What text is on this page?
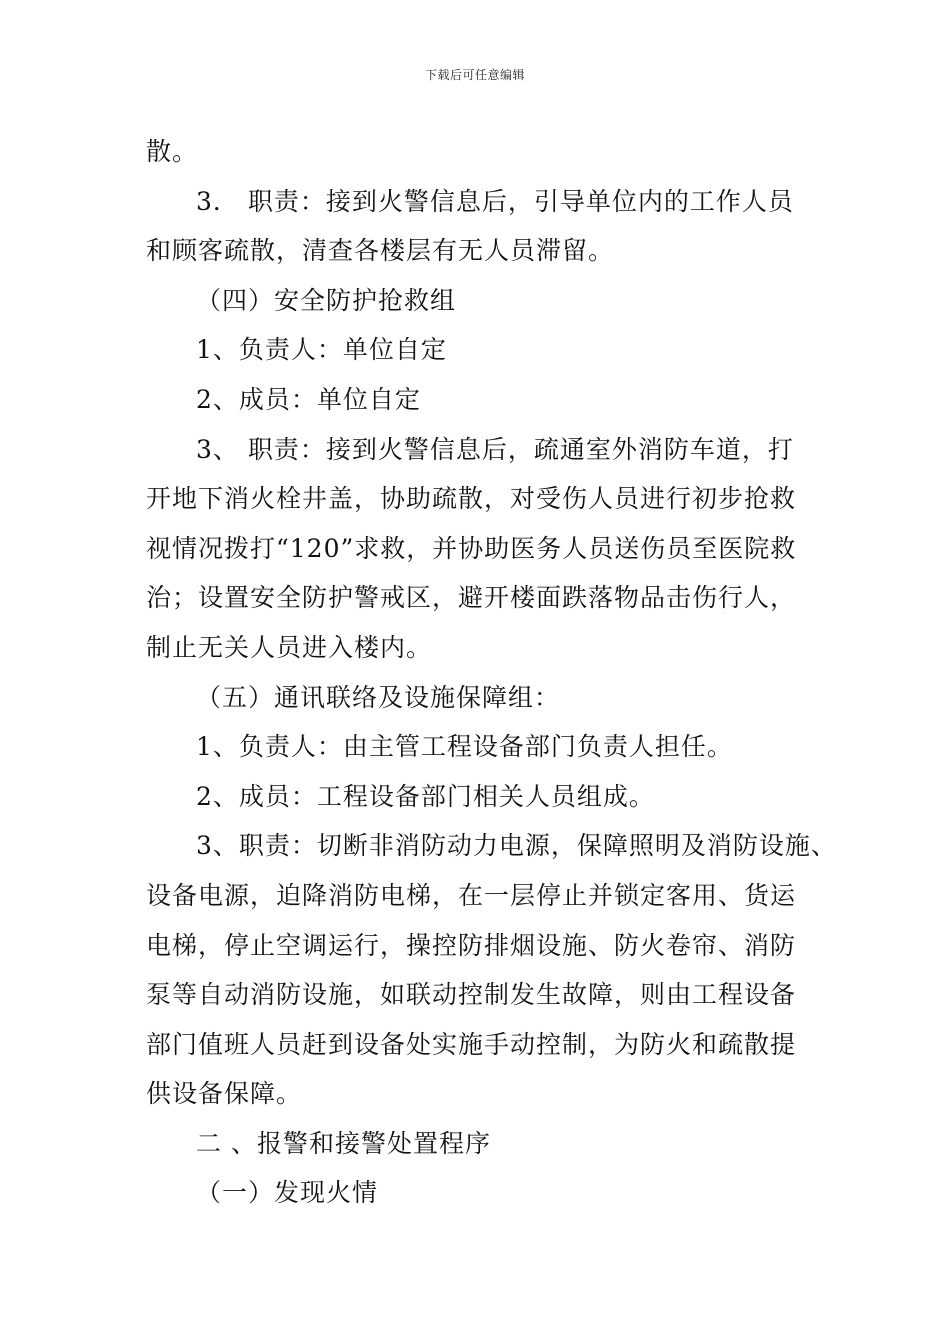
下载后可任意编辑
散。
3． 职责：接到火警信息后，引导单位内的工作人员
和顾客疏散，清查各楼层有无人员滞留。
（四）安全防护抢救组
1、负责人：单位自定
2、成员：单位自定
3、 职责：接到火警信息后，疏通室外消防车道，打
开地下消火栓井盖，协助疏散，对受伤人员进行初步抢救
视情况拨打“120”求救，并协助医务人员送伤员至医院救
治；设置安全防护警戒区，避开楼面跌落物品击伤行人，
制止无关人员进入楼内。
（五）通讯联络及设施保障组：
1、负责人：由主管工程设备部门负责人担任。
2、成员：工程设备部门相关人员组成。
3、职责：切断非消防动力电源，保障照明及消防设施、
设备电源，迫降消防电梯，在一层停止并锁定客用、货运
电梯，停止空调运行，操控防排烟设施、防火卷帘、消防
泵等自动消防设施，如联动控制发生故障，则由工程设备
部门值班人员赶到设备处实施手动控制，为防火和疏散提
供设备保障。
二 、报警和接警处置程序
（一）发现火情
